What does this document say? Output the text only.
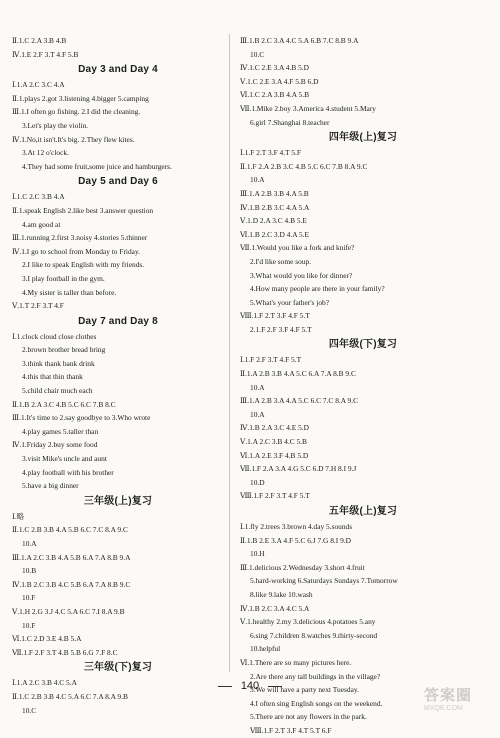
Ⅱ.1.C 2.A 3.B 4.B
Ⅳ.1.E 2.F 3.T 4.F 5.B
Day 3 and Day 4
Ⅰ.1.A 2.C 3.C 4.A
Ⅱ.1.plays 2.got 3.listening 4.bigger 5.camping
Ⅲ.1.I often go fishing. 2.I did the cleaning.
3.Let's play the violin.
Ⅳ.1.No,it isn't.It's big. 2.They flew kites.
3.At 12 o'clock.
4.They had some fruit,some juice and hamburgers.
Day 5 and Day 6
Ⅰ.1.C 2.C 3.B 4.A
Ⅱ.1.speak English 2.like best 3.answer question
4.am good at
Ⅲ.1.running 2.first 3.noisy 4.stories 5.thinner
Ⅳ.1.I go to school from Monday to Friday.
2.I like to speak English with my friends.
3.I play football in the gym.
4.My sister is taller than before.
Ⅴ.1.T 2.F 3.T 4.F
Day 7 and Day 8
Ⅰ.1.clock cloud close clothes
2.brown brother bread bring
3.think thank bank drink
4.this that thin thank
5.child chair much each
Ⅱ.1.B 2.A 3.C 4.B 5.C 6.C 7.B 8.C
Ⅲ.1.It's time to 2.say goodbye to 3.Who wrote
4.play games 5.taller than
Ⅳ.1.Friday 2.buy some food
3.visit Mike's uncle and aunt
4.play football with his brother
5.have a big dinner
三年级(上)复习
Ⅰ.略
Ⅱ.1.C 2.B 3.B 4.A 5.B 6.C 7.C 8.A 9.C
10.A
Ⅲ.1.A 2.C 3.B 4.A 5.B 6.A 7.A 8.B 9.A
10.B
Ⅳ.1.B 2.C 3.B 4.C 5.B 6.A 7.A 8.B 9.C
10.F
Ⅴ.1.H 2.G 3.J 4.C 5.A 6.C 7.I 8.A 9.B
10.F
Ⅵ.1.C 2.D 3.E 4.B 5.A
Ⅶ.1.F 2.F 3.T 4.B 5.B 6.G 7.F 8.C
三年级(下)复习
Ⅰ.1.A 2.C 3.B 4.C 5.A
Ⅱ.1.C 2.B 3.B 4.C 5.A 6.C 7.A 8.A 9.B
10.C
Ⅲ.1.B 2.C 3.A 4.C 5.A 6.B 7.C 8.B 9.A
10.C
Ⅳ.1.C 2.E 3.A 4.B 5.D
Ⅴ.1.C 2.E 3.A 4.F 5.B 6.D
Ⅵ.1.C 2.A 3.B 4.A 5.B
Ⅶ.1.Mike 2.boy 3.America 4.student 5.Mary
6.girl 7.Shanghai 8.teacher
四年级(上)复习
Ⅰ.1.F 2.T 3.F 4.T 5.F
Ⅱ.1.F 2.A 2.B 3.C 4.B 5.C 6.C 7.B 8.A 9.C
10.A
Ⅲ.1.A 2.B 3.B 4.A 5.B
Ⅳ.1.B 2.B 3.C 4.A 5.A
Ⅴ.1.D 2.A 3.C 4.B 5.E
Ⅵ.1.B 2.C 3.D 4.A 5.E
Ⅶ.1.Would you like a fork and knife?
2.I'd like some soup.
3.What would you like for dinner?
4.How many people are there in your family?
5.What's your father's job?
Ⅷ.1.F 2.T 3.F 4.F 5.T
2.1.F 2.F 3.F 4.F 5.T
四年级(下)复习
Ⅰ.1.F 2.F 3.T 4.F 5.T
Ⅱ.1.A 2.B 3.B 4.A 5.C 6.A 7.A 8.B 9.C
10.A
Ⅲ.1.A 2.B 3.A 4.A 5.C 6.C 7.C 8.A 9.C
10.A
Ⅳ.1.B 2.A 3.C 4.E 5.D
Ⅴ.1.A 2.C 3.B 4.C 5.B
Ⅵ.1.A 2.E 3.F 4.B 5.D
Ⅶ.1.F 2.A 3.A 4.G 5.C 6.D 7.H 8.I 9.J
10.D
Ⅷ.1.F 2.F 3.T 4.F 5.T
五年级(上)复习
Ⅰ.1.fly 2.trees 3.brown 4.day 5.sounds
Ⅱ.1.B 2.E 3.A 4.F 5.C 6.J 7.G 8.I 9.D
10.H
Ⅲ.1.delicious 2.Wednesday 3.short 4.fruit
5.hard-working 6.Saturdays Sundays 7.Tomorrow
8.like 9.lake 10.wash
Ⅳ.1.B 2.C 3.A 4.C 5.A
Ⅴ.1.healthy 2.my 3.delicious 4.potatoes 5.any
6.sing 7.children 8.watches 9.thirty-second
10.helpful
Ⅵ.1.There are so many pictures here.
2.Are there any tall buildings in the village?
3.We will have a party next Tuesday.
4.I often sing English songs on the weekend.
5.There are not any flowers in the park.
Ⅷ.1.F 2.T 3.F 4.T 5.T 6.F
140
答案圈
MXQE.COM
